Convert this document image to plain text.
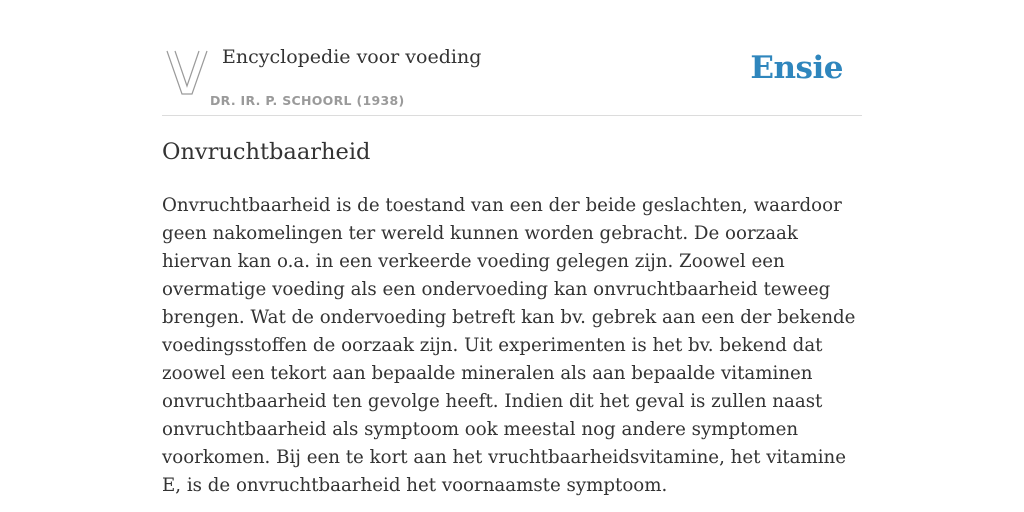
Encyclopedie voor voeding
DR. IR. P. SCHOORL (1938)
Ensie
Onvruchtbaarheid

Onvruchtbaarheid is de toestand van een der beide geslachten, waardoor geen nakomelingen ter wereld kunnen worden gebracht. De oorzaak hiervan kan o.a. in een verkeerde voeding gelegen zijn. Zoowel een overmatige voeding als een ondervoeding kan onvruchtbaarheid teweeg brengen. Wat de ondervoeding betreft kan bv. gebrek aan een der bekende voedingsstoffen de oorzaak zijn. Uit experimenten is het bv. bekend dat zoowel een tekort aan bepaalde mineralen als aan bepaalde vitaminen onvruchtbaarheid ten gevolge heeft. Indien dit het geval is zullen naast onvruchtbaarheid als symptoom ook meestal nog andere symptomen voorkomen. Bij een te kort aan het vruchtbaarheidsvitamine, het vitamine E, is de onvruchtbaarheid het voornaamste symptoom.
